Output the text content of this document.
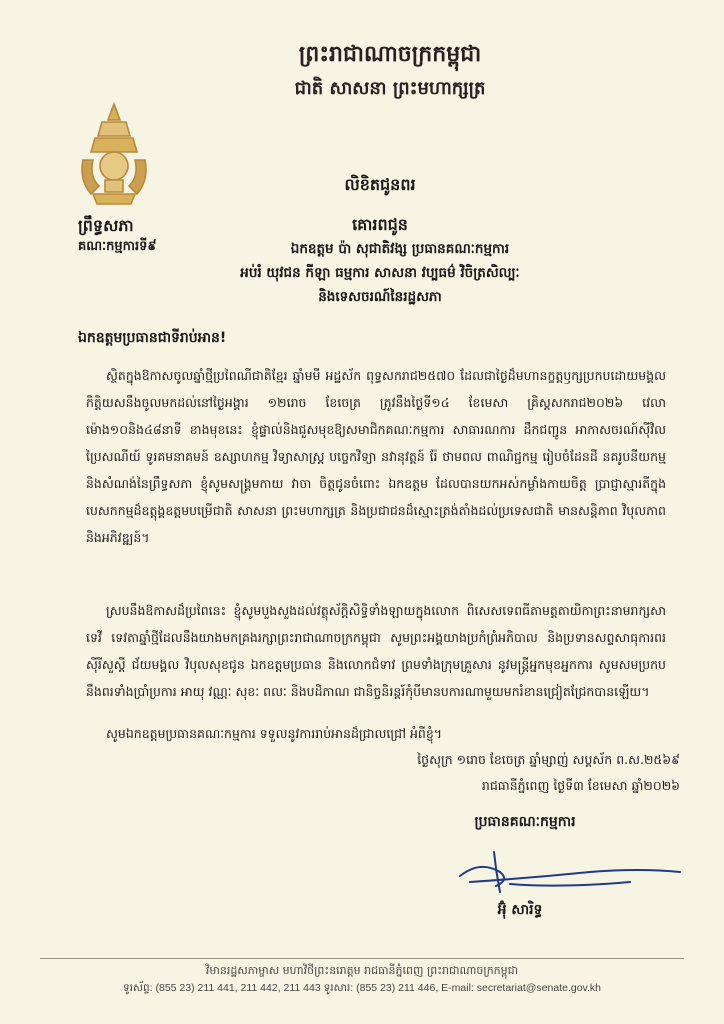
ព្រះរាជាណាចក្រកម្ពុជា
ជាតិ សាសនា ព្រះមហាក្សត្រ
ព្រឹទ្ធសភា
គណៈកម្មការទី៩
លិខិតជូនពរ
គោរពជូន
ឯកឧត្តម ប៉ា សុជាតិវង្ស ប្រធានគណៈកម្មការ
អប់រំ យុវជន កីឡា ធម្មការ សាសនា វប្បធម៌ វិចិត្រសិល្បៈ
និងទេសចរណ៍នៃរដ្ឋសភា
ឯកឧត្តមប្រធានជាទីរាប់អាន!
ស្ថិតក្នុងឱកាសចូលឆ្នាំថ្មីប្រពៃណីជាតិខ្មែរ ឆ្នាំមមី អដ្ឋស័ក ពុទ្ធសករាជ២៥៧០ ដែលជាថ្ងៃដ៏មហានក្ខត្តឫក្សប្រកបដោយមង្គលកិត្តិយសនឹងចូលមកដល់នៅថ្ងៃអង្គារ ១២រោច ខែចេត្រ ត្រូវនឹងថ្ងៃទី១៤ ខែមេសា គ្រិស្តសករាជ២០២៦ វេលាម៉ោង១០និង៤៨នាទី ខាងមុខនេះ ខ្ញុំផ្ទាល់និងជួសមុខឱ្យសមាជិកគណៈកម្មការ សាធារណការ ដឹកជញ្ជូន អាកាសចរណ៍ស៊ីវិល ប្រៃសណីយ៍ ទូរគមនាគមន៍ ឧស្សាហកម្ម វិទ្យាសាស្ត្រ បច្ចេកវិទ្យា នវានុវត្តន៍ រ៉ែ ថាមពល ពាណិជ្ជកម្ម រៀបចំដែនដី នគរូបនីយកម្ម និងសំណង់នៃព្រឹទ្ធសភា ខ្ញុំសូមសង្រ្គមកាយ វាចា ចិត្តជូនចំពោះ ឯកឧត្តម ដែលបានយកអស់កម្លាំងកាយចិត្ត ប្រាជ្ញាស្មារតីក្នុងបេសកកម្មដ៏ឧត្តុង្គឧត្តមបម្រើជាតិ សាសនា ព្រះមហាក្សត្រ និងប្រជាជនដ៏ស្មោះត្រង់តាំងដល់ប្រទេសជាតិ មានសន្តិភាព វិបុលភាព និងអភិវឌ្ឍន៍។
ស្របនឹងឱកាសដ៏ប្រពៃនេះ ខ្ញុំសូមបួងសួងដល់វត្ថុស័ក្តិសិទ្ធិទាំងឡាយក្នុងលោក ពិសេសទេពធីតាមត្តតាយិកាព្រះនាមរាក្សសាទេវី ទេវតាឆ្នាំថ្មីដែលនឹងយាងមកគ្រងរក្សាព្រះរាជាណាចក្រកម្ពុជា សូមព្រះអង្គយាងប្រកំព្រំអភិបាល និងប្រទានសព្ទសាធុការពរ ស៊ីរីសួស្តី ជ័យមង្គល វិបុលសុខជូន ឯកឧត្តមប្រធាន និងលោកជំទាវ ព្រមទាំងក្រុមគ្រួសារ នូវមន្រ្តីអ្នកមុខអ្នកការ សូមសមប្រកបនឹងពរទាំងប្រាំប្រការ អាយុ វណ្ណៈ សុខៈ ពលៈ និងបដិភាណ ជានិច្ចនិរន្តរ៍កុំបីមានបការណាមួយមករំខានជ្រៀតជ្រែកបានឡើយ។
សូមឯកឧត្តមប្រធានគណៈកម្មការ ទទួលនូវការរាប់អានដ៏ជ្រាលជ្រៅ អំពីខ្ញុំ។
ថ្ងៃសុក្រ ១រោច ខែចេត្រ ឆ្នាំម្សាញ់ សប្តស័ក ព.ស.២៥៦៩
រាជធានីភ្នំពេញ ថ្ងៃទី៣ ខែមេសា ឆ្នាំ២០២៦
ប្រធានគណៈកម្មការ
អ៊ុំ សារិទ្ធ
វិមានរដ្ឋសភាម្ចាស មហាវិថីព្រះនរោត្តម រាជធានីភ្នំពេញ ព្រះរាជាណាចក្រកម្ពុជា
ទូរស័ព្ទ: (855 23) 211 441, 211 442, 211 443 ទូរសារ: (855 23) 211 446, E-mail: secretariat@senate.gov.kh
